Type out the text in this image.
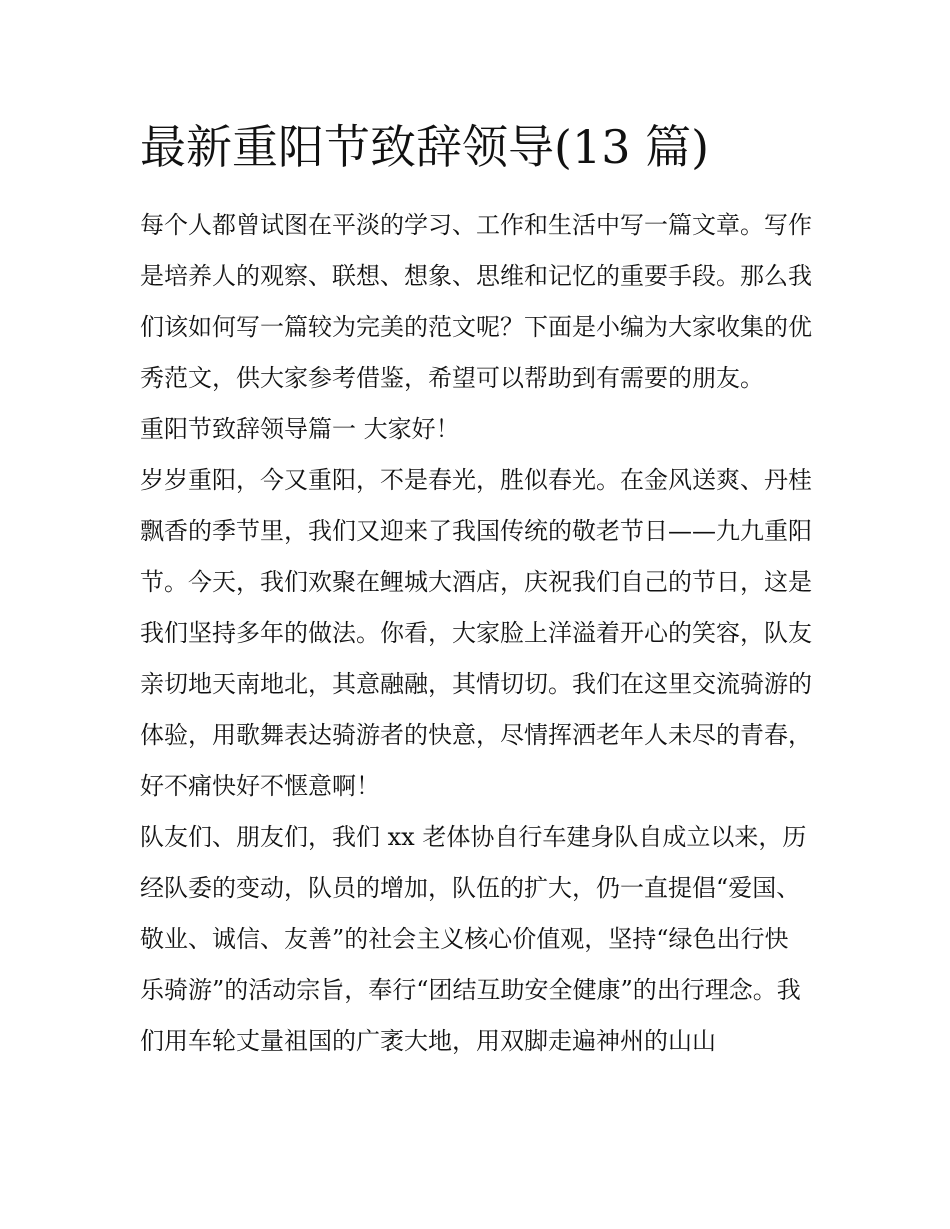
最新重阳节致辞领导(13 篇)

每个人都曾试图在平淡的学习、工作和生活中写一篇文章。写作是培养人的观察、联想、想象、思维和记忆的重要手段。那么我们该如何写一篇较为完美的范文呢？下面是小编为大家收集的优秀范文，供大家参考借鉴，希望可以帮助到有需要的朋友。

重阳节致辞领导篇一 大家好！

岁岁重阳，今又重阳，不是春光，胜似春光。在金风送爽、丹桂飘香的季节里，我们又迎来了我国传统的敬老节日——九九重阳节。今天，我们欢聚在鲤城大酒店，庆祝我们自己的节日，这是我们坚持多年的做法。你看，大家脸上洋溢着开心的笑容，队友亲切地天南地北，其意融融，其情切切。我们在这里交流骑游的体验，用歌舞表达骑游者的快意，尽情挥洒老年人未尽的青春，好不痛快好不惬意啊！

队友们、朋友们，我们 xx 老体协自行车建身队自成立以来，历经队委的变动，队员的增加，队伍的扩大，仍一直提倡“爱国、敬业、诚信、友善”的社会主义核心价值观，坚持“绿色出行快乐骑游”的活动宗旨，奉行“团结互助安全健康”的出行理念。我们用车轮丈量祖国的广袤大地，用双脚走遍神州的山山
